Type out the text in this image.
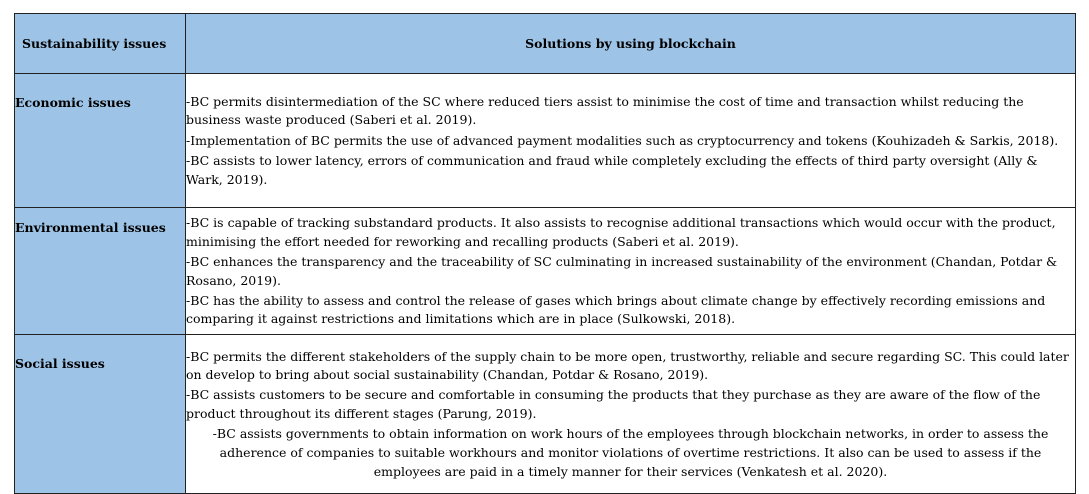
Sustainability issues	Solutions by using blockchain
Economic issues	-BC permits disintermediation of the SC where reduced tiers assist to minimise the cost of time and transaction whilst reducing the business waste produced (Saberi et al. 2019).

-Implementation of BC permits the use of advanced payment modalities such as cryptocurrency and tokens (Kouhizadeh & Sarkis, 2018).

-BC assists to lower latency, errors of communication and fraud while completely excluding the effects of third party oversight (Ally & Wark, 2019).

Environmental issues	-BC is capable of tracking substandard products. It also assists to recognise additional transactions which would occur with the product, minimising the effort needed for reworking and recalling products (Saberi et al. 2019).

-BC enhances the transparency and the traceability of SC culminating in increased sustainability of the environment (Chandan, Potdar & Rosano, 2019).

-BC has the ability to assess and control the release of gases which brings about climate change by effectively recording emissions and comparing it against restrictions and limitations which are in place (Sulkowski, 2018).

Social issues	-BC permits the different stakeholders of the supply chain to be more open, trustworthy, reliable and secure regarding SC. This could later on develop to bring about social sustainability (Chandan, Potdar & Rosano, 2019).

-BC assists customers to be secure and comfortable in consuming the products that they purchase as they are aware of the flow of the product throughout its different stages (Parung, 2019).

-BC assists governments to obtain information on work hours of the employees through blockchain networks, in order to assess the adherence of companies to suitable workhours and monitor violations of overtime restrictions. It also can be used to assess if the employees are paid in a timely manner for their services (Venkatesh et al. 2020).
